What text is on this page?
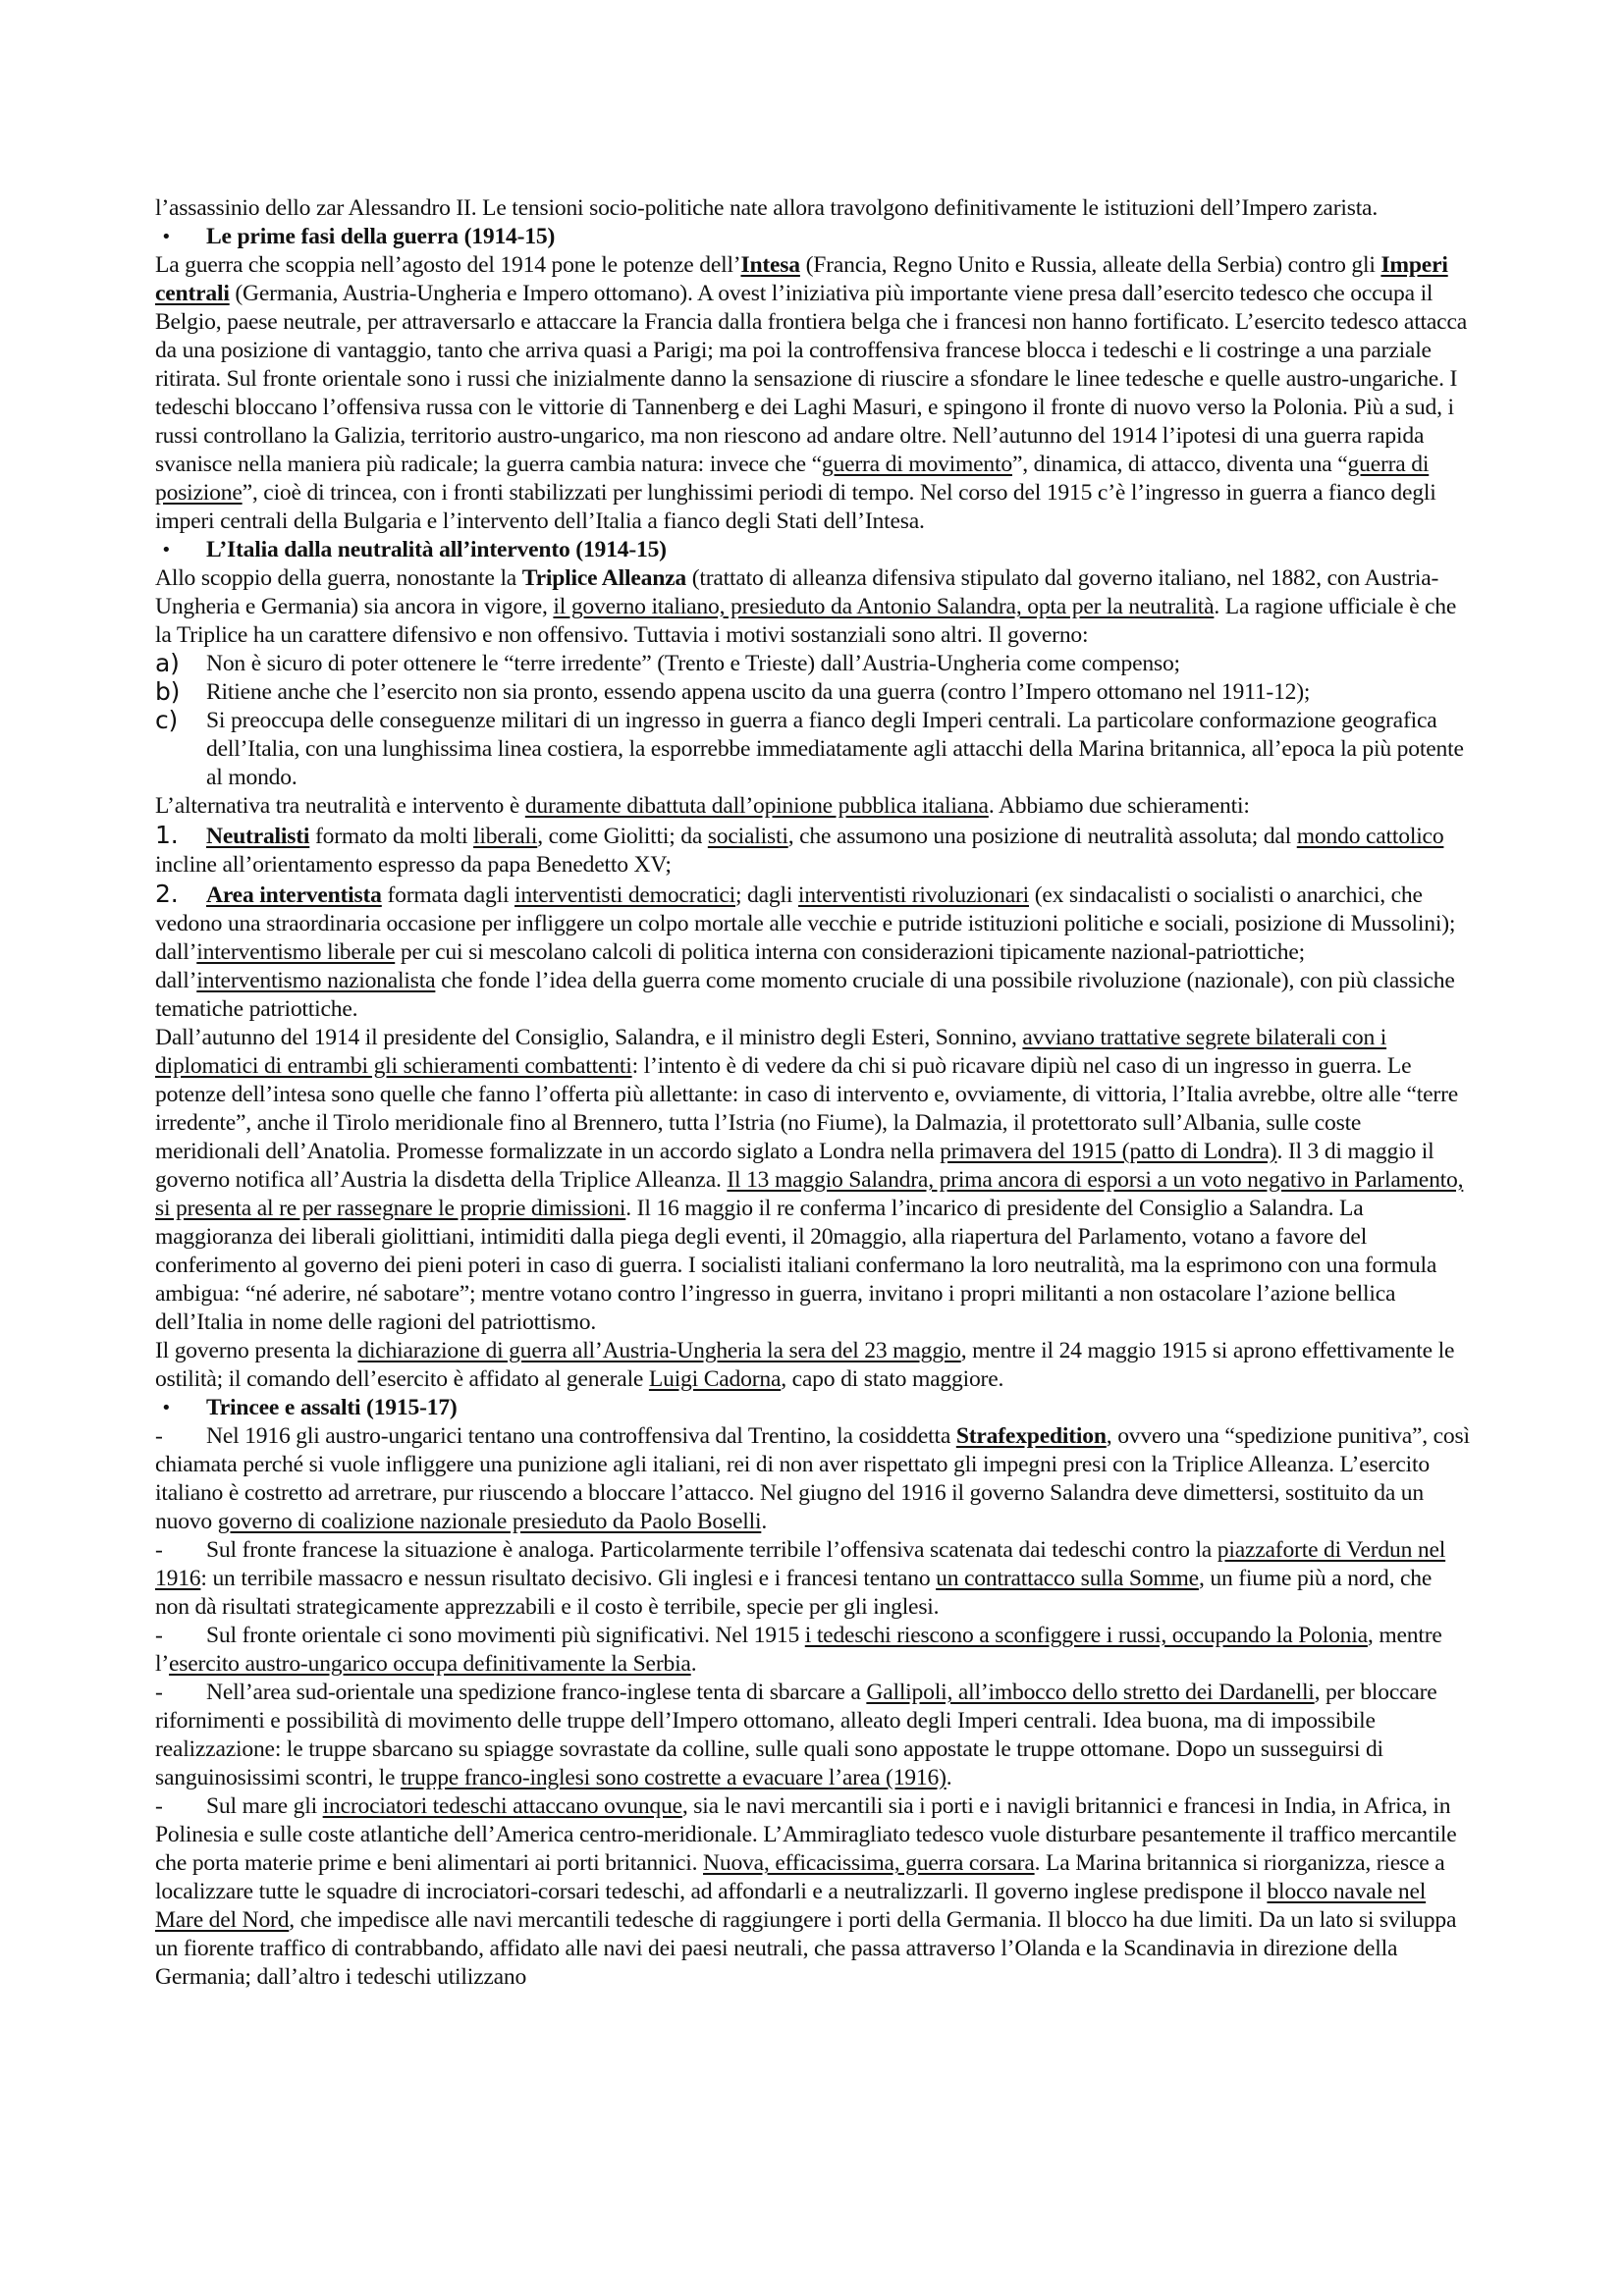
l’assassinio dello zar Alessandro II. Le tensioni socio-politiche nate allora travolgono definitivamente le istituzioni dell’Impero zarista.

• Le prime fasi della guerra (1914-15)

La guerra che scoppia nell’agosto del 1914 pone le potenze dell’Intesa (Francia, Regno Unito e Russia, alleate della Serbia) contro gli Imperi centrali (Germania, Austria-Ungheria e Impero ottomano). A ovest l’iniziativa più importante viene presa dall’esercito tedesco che occupa il Belgio, paese neutrale, per attraversarlo e attaccare la Francia dalla frontiera belga che i francesi non hanno fortificato. L’esercito tedesco attacca da una posizione di vantaggio, tanto che arriva quasi a Parigi; ma poi la controffensiva francese blocca i tedeschi e li costringe a una parziale ritirata. Sul fronte orientale sono i russi che inizialmente danno la sensazione di riuscire a sfondare le linee tedesche e quelle austro-ungariche. I tedeschi bloccano l’offensiva russa con le vittorie di Tannenberg e dei Laghi Masuri, e spingono il fronte di nuovo verso la Polonia. Più a sud, i russi controllano la Galizia, territorio austro-ungarico, ma non riescono ad andare oltre. Nell’autunno del 1914 l’ipotesi di una guerra rapida svanisce nella maniera più radicale; la guerra cambia natura: invece che “guerra di movimento”, dinamica, di attacco, diventa una “guerra di posizione”, cioè di trincea, con i fronti stabilizzati per lunghissimi periodi di tempo. Nel corso del 1915 c’è l’ingresso in guerra a fianco degli imperi centrali della Bulgaria e l’intervento dell’Italia a fianco degli Stati dell’Intesa.

• L’Italia dalla neutralità all’intervento (1914-15)

Allo scoppio della guerra, nonostante la Triplice Alleanza (trattato di alleanza difensiva stipulato dal governo italiano, nel 1882, con Austria-Ungheria e Germania) sia ancora in vigore, il governo italiano, presieduto da Antonio Salandra, opta per la neutralità. La ragione ufficiale è che la Triplice ha un carattere difensivo e non offensivo. Tuttavia i motivi sostanziali sono altri. Il governo:

a) Non è sicuro di poter ottenere le “terre irredente” (Trento e Trieste) dall’Austria-Ungheria come compenso;

b) Ritiene anche che l’esercito non sia pronto, essendo appena uscito da una guerra (contro l’Impero ottomano nel 1911-12);

c) Si preoccupa delle conseguenze militari di un ingresso in guerra a fianco degli Imperi centrali. La particolare conformazione geografica dell’Italia, con una lunghissima linea costiera, la esporrebbe immediatamente agli attacchi della Marina britannica, all’epoca la più potente al mondo.

L’alternativa tra neutralità e intervento è duramente dibattuta dall’opinione pubblica italiana. Abbiamo due schieramenti:

1. Neutralisti formato da molti liberali, come Giolitti; da socialisti, che assumono una posizione di neutralità assoluta; dal mondo cattolico incline all’orientamento espresso da papa Benedetto XV;

2. Area interventista formata dagli interventisti democratici; dagli interventisti rivoluzionari (ex sindacalisti o socialisti o anarchici, che vedono una straordinaria occasione per infliggere un colpo mortale alle vecchie e putride istituzioni politiche e sociali, posizione di Mussolini); dall’interventismo liberale per cui si mescolano calcoli di politica interna con considerazioni tipicamente nazional-patriottiche; dall’interventismo nazionalista che fonde l’idea della guerra come momento cruciale di una possibile rivoluzione (nazionale), con più classiche tematiche patriottiche.

Dall’autunno del 1914 il presidente del Consiglio, Salandra, e il ministro degli Esteri, Sonnino, avviano trattative segrete bilaterali con i diplomatici di entrambi gli schieramenti combattenti: l’intento è di vedere da chi si può ricavare dipiù nel caso di un ingresso in guerra. Le potenze dell’intesa sono quelle che fanno l’offerta più allettante: in caso di intervento e, ovviamente, di vittoria, l’Italia avrebbe, oltre alle “terre irredente”, anche il Tirolo meridionale fino al Brennero, tutta l’Istria (no Fiume), la Dalmazia, il protettorato sull’Albania, sulle coste meridionali dell’Anatolia. Promesse formalizzate in un accordo siglato a Londra nella primavera del 1915 (patto di Londra). Il 3 di maggio il governo notifica all’Austria la disdetta della Triplice Alleanza. Il 13 maggio Salandra, prima ancora di esporsi a un voto negativo in Parlamento, si presenta al re per rassegnare le proprie dimissioni. Il 16 maggio il re conferma l’incarico di presidente del Consiglio a Salandra. La maggioranza dei liberali giolittiani, intimiditi dalla piega degli eventi, il 20maggio, alla riapertura del Parlamento, votano a favore del conferimento al governo dei pieni poteri in caso di guerra. I socialisti italiani confermano la loro neutralità, ma la esprimono con una formula ambigua: “né aderire, né sabotare”; mentre votano contro l’ingresso in guerra, invitano i propri militanti a non ostacolare l’azione bellica dell’Italia in nome delle ragioni del patriottismo.

Il governo presenta la dichiarazione di guerra all’Austria-Ungheria la sera del 23 maggio, mentre il 24 maggio 1915 si aprono effettivamente le ostilità; il comando dell’esercito è affidato al generale Luigi Cadorna, capo di stato maggiore.

• Trincee e assalti (1915-17)

- Nel 1916 gli austro-ungarici tentano una controffensiva dal Trentino, la cosiddetta Strafexpedition, ovvero una “spedizione punitiva”, così chiamata perché si vuole infliggere una punizione agli italiani, rei di non aver rispettato gli impegni presi con la Triplice Alleanza. L’esercito italiano è costretto ad arretrare, pur riuscendo a bloccare l’attacco. Nel giugno del 1916 il governo Salandra deve dimettersi, sostituito da un nuovo governo di coalizione nazionale presieduto da Paolo Boselli.

- Sul fronte francese la situazione è analoga. Particolarmente terribile l’offensiva scatenata dai tedeschi contro la piazzaforte di Verdun nel 1916: un terribile massacro e nessun risultato decisivo. Gli inglesi e i francesi tentano un contrattacco sulla Somme, un fiume più a nord, che non dà risultati strategicamente apprezzabili e il costo è terribile, specie per gli inglesi.

- Sul fronte orientale ci sono movimenti più significativi. Nel 1915 i tedeschi riescono a sconfiggere i russi, occupando la Polonia, mentre l’esercito austro-ungarico occupa definitivamente la Serbia.

- Nell’area sud-orientale una spedizione franco-inglese tenta di sbarcare a Gallipoli, all’imbocco dello stretto dei Dardanelli, per bloccare rifornimenti e possibilità di movimento delle truppe dell’Impero ottomano, alleato degli Imperi centrali. Idea buona, ma di impossibile realizzazione: le truppe sbarcano su spiagge sovrastate da colline, sulle quali sono appostate le truppe ottomane. Dopo un susseguirsi di sanguinosissimi scontri, le truppe franco-inglesi sono costrette a evacuare l’area (1916).

- Sul mare gli incrociatori tedeschi attaccano ovunque, sia le navi mercantili sia i porti e i navigli britannici e francesi in India, in Africa, in Polinesia e sulle coste atlantiche dell’America centro-meridionale. L’Ammiragliato tedesco vuole disturbare pesantemente il traffico mercantile che porta materie prime e beni alimentari ai porti britannici. Nuova, efficacissima, guerra corsara. La Marina britannica si riorganizza, riesce a localizzare tutte le squadre di incrociatori-corsari tedeschi, ad affondarli e a neutralizzarli. Il governo inglese predispone il blocco navale nel Mare del Nord, che impedisce alle navi mercantili tedesche di raggiungere i porti della Germania. Il blocco ha due limiti. Da un lato si sviluppa un fiorente traffico di contrabbando, affidato alle navi dei paesi neutrali, che passa attraverso l’Olanda e la Scandinavia in direzione della Germania; dall’altro i tedeschi utilizzano
